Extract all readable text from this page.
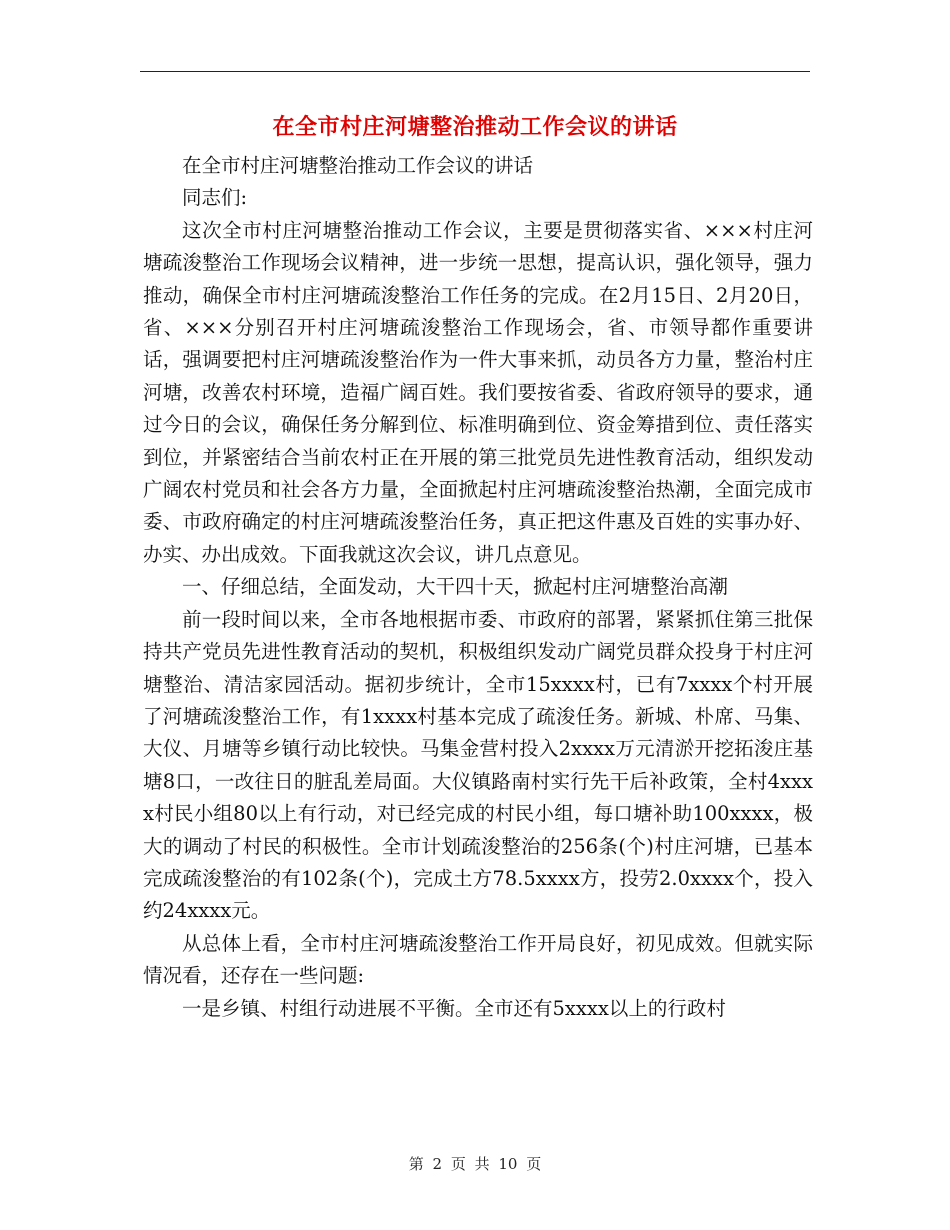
在全市村庄河塘整治推动工作会议的讲话

在全市村庄河塘整治推动工作会议的讲话

同志们:

这次全市村庄河塘整治推动工作会议，主要是贯彻落实省、×××村庄河塘疏浚整治工作现场会议精神，进一步统一思想，提高认识，强化领导，强力推动，确保全市村庄河塘疏浚整治工作任务的完成。在2月15日、2月20日，省、×××分别召开村庄河塘疏浚整治工作现场会，省、市领导都作重要讲话，强调要把村庄河塘疏浚整治作为一件大事来抓，动员各方力量，整治村庄河塘，改善农村环境，造福广阔百姓。我们要按省委、省政府领导的要求，通过今日的会议，确保任务分解到位、标准明确到位、资金筹措到位、责任落实到位，并紧密结合当前农村正在开展的第三批党员先进性教育活动，组织发动广阔农村党员和社会各方力量，全面掀起村庄河塘疏浚整治热潮，全面完成市委、市政府确定的村庄河塘疏浚整治任务，真正把这件惠及百姓的实事办好、办实、办出成效。下面我就这次会议，讲几点意见。

一、仔细总结，全面发动，大干四十天，掀起村庄河塘整治高潮

前一段时间以来，全市各地根据市委、市政府的部署，紧紧抓住第三批保持共产党员先进性教育活动的契机，积极组织发动广阔党员群众投身于村庄河塘整治、清洁家园活动。据初步统计，全市15xxxx村，已有7xxxx个村开展了河塘疏浚整治工作，有1xxxx村基本完成了疏浚任务。新城、朴席、马集、大仪、月塘等乡镇行动比较快。马集金营村投入2xxxx万元清淤开挖拓浚庄基塘8口，一改往日的脏乱差局面。大仪镇路南村实行先干后补政策，全村4xxxx村民小组80以上有行动，对已经完成的村民小组，每口塘补助100xxxx，极大的调动了村民的积极性。全市计划疏浚整治的256条(个)村庄河塘，已基本完成疏浚整治的有102条(个)，完成土方78.5xxxx方，投劳2.0xxxx个，投入约24xxxx元。

从总体上看，全市村庄河塘疏浚整治工作开局良好，初见成效。但就实际情况看，还存在一些问题:

一是乡镇、村组行动进展不平衡。全市还有5xxxx以上的行政村

第 2 页 共 10 页
